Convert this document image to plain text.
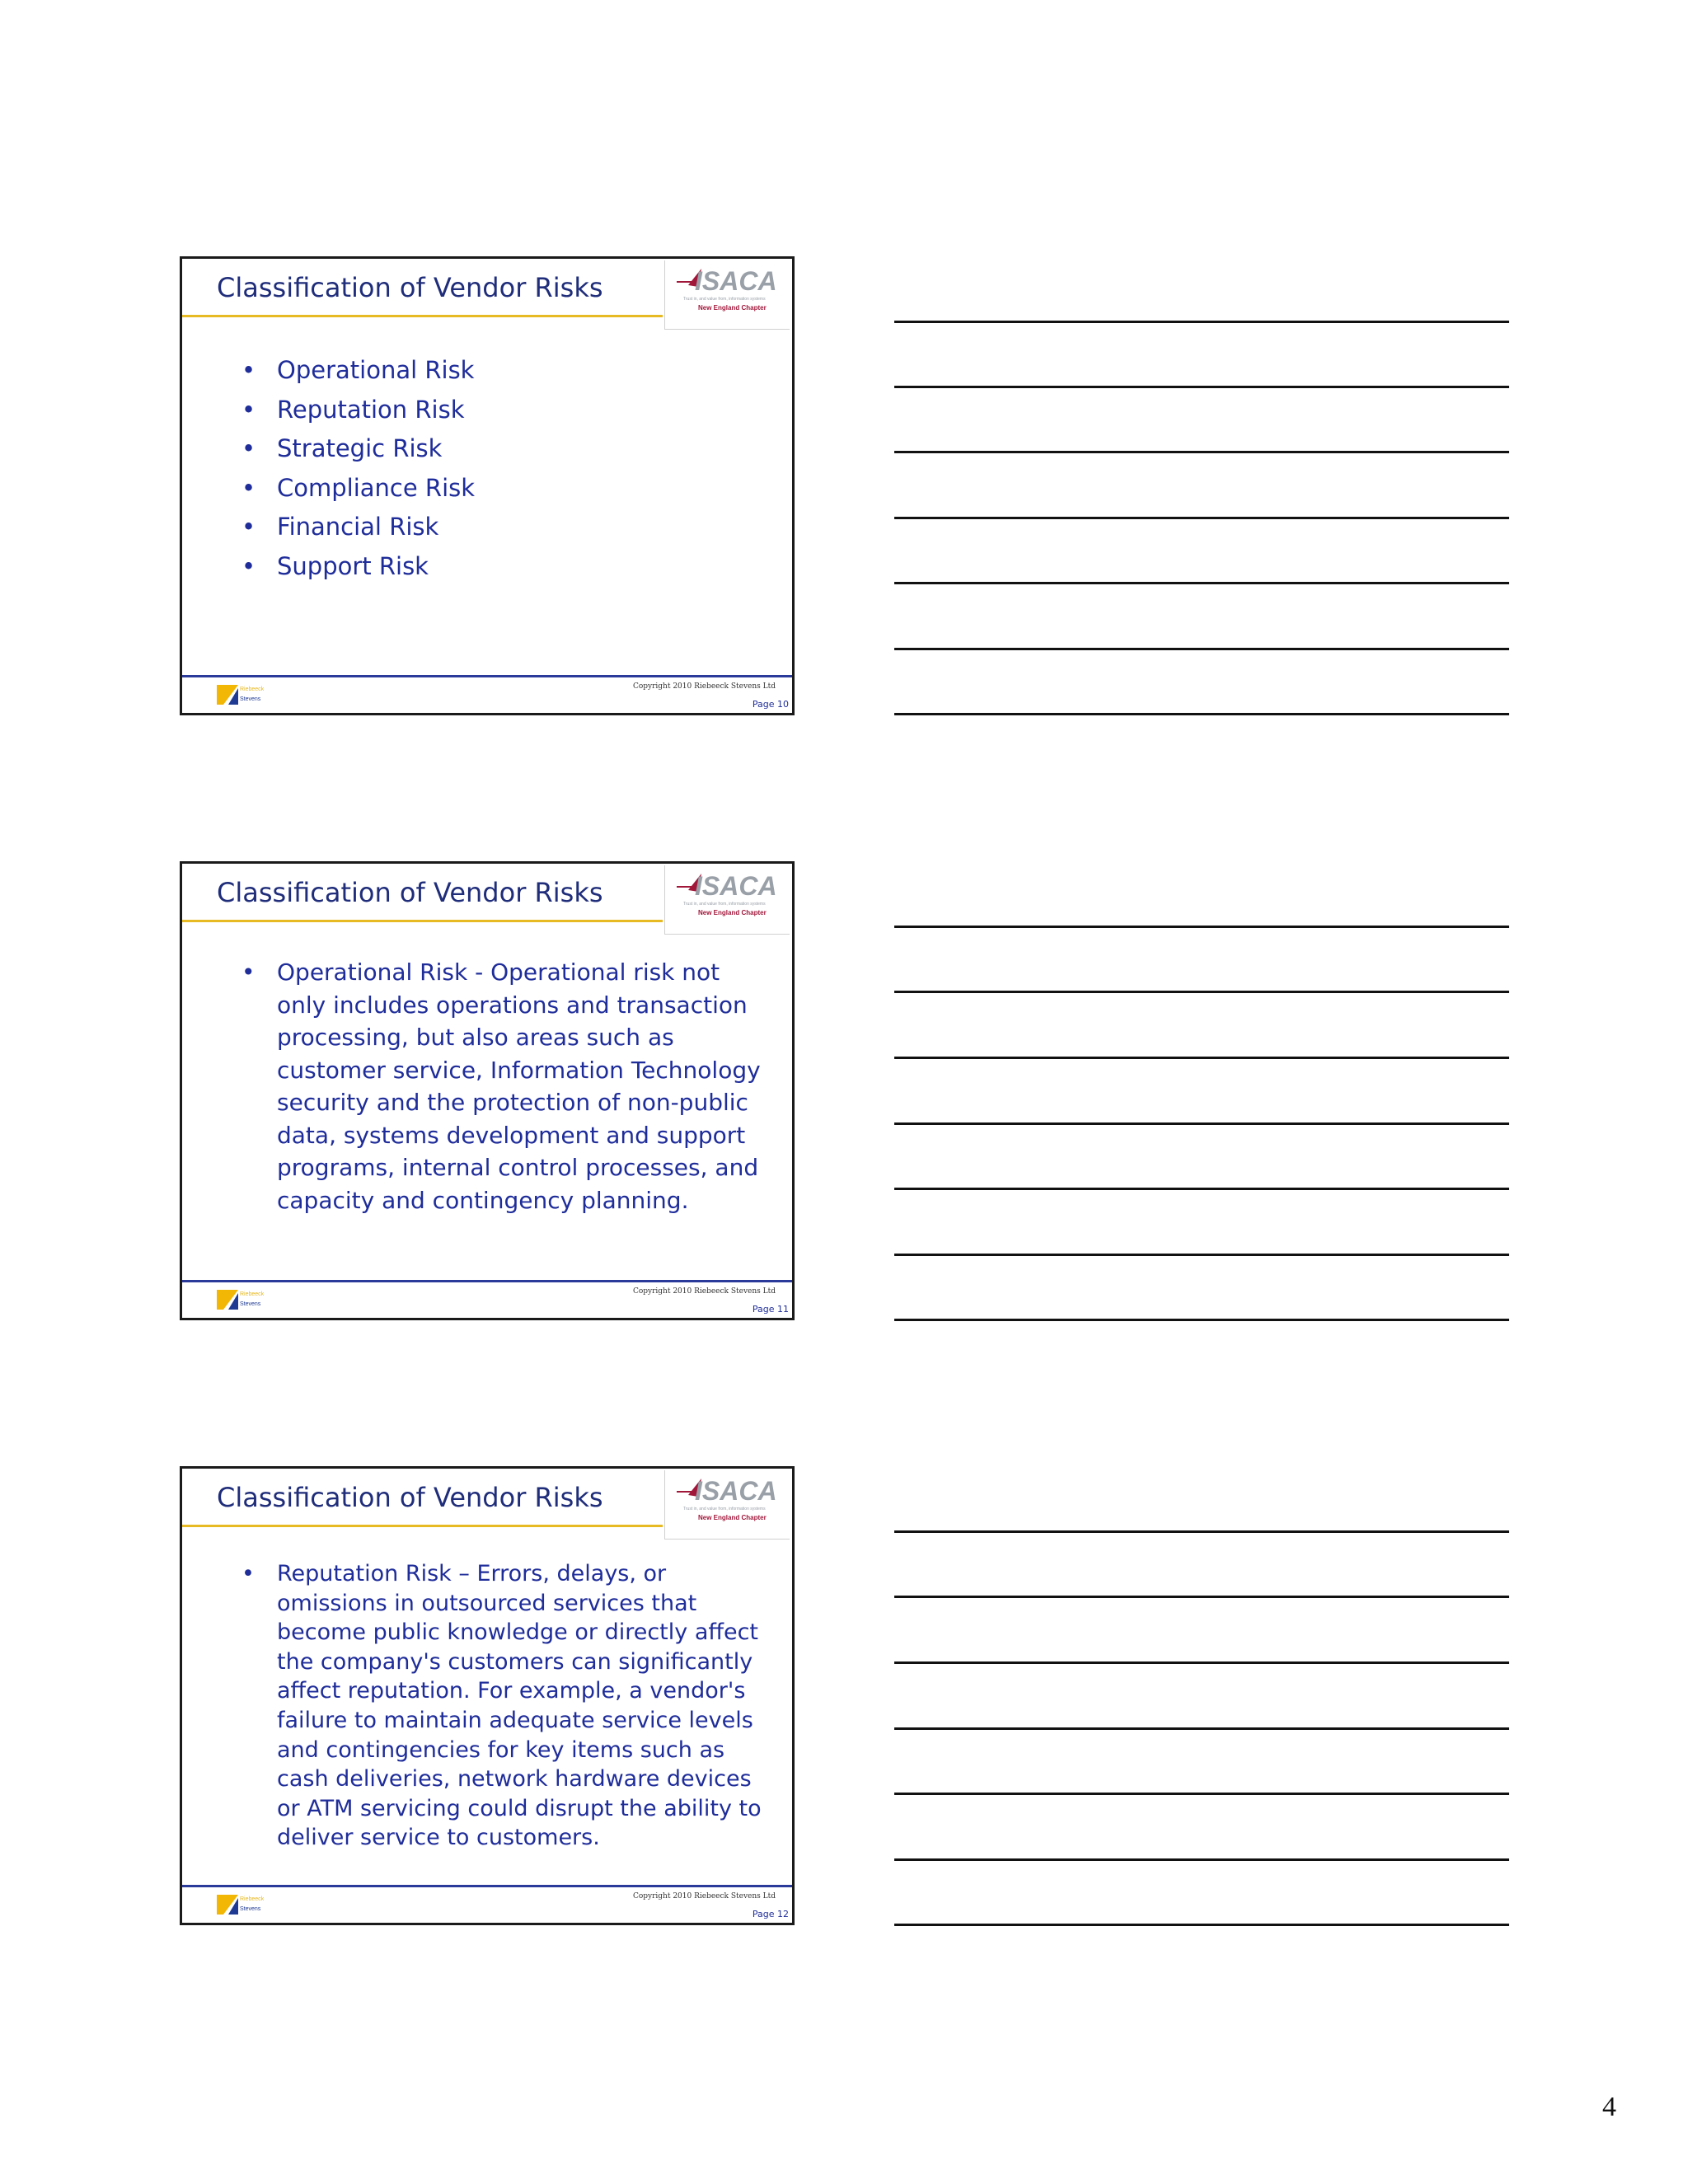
Classification of Vendor Risks	ISACA
Trust in, and value from, information systems
New England Chapter
• Operational Risk
• Reputation Risk
• Strategic Risk
• Compliance Risk
• Financial Risk
• Support Risk
Riebeeck
Stevens
Copyright 2010 Riebeeck Stevens Ltd
Page 10
Classification of Vendor Risks	ISACA
Trust in, and value from, information systems
New England Chapter
• Operational Risk - Operational risk not only includes operations and transaction processing, but also areas such as customer service, Information Technology security and the protection of non-public data, systems development and support programs, internal control processes, and capacity and contingency planning.
Riebeeck
Stevens
Copyright 2010 Riebeeck Stevens Ltd
Page 11
Classification of Vendor Risks	ISACA
Trust in, and value from, information systems
New England Chapter
• Reputation Risk – Errors, delays, or omissions in outsourced services that become public knowledge or directly affect the company's customers can significantly affect reputation. For example, a vendor's failure to maintain adequate service levels and contingencies for key items such as cash deliveries, network hardware devices or ATM servicing could disrupt the ability to deliver service to customers.
Riebeeck
Stevens
Copyright 2010 Riebeeck Stevens Ltd
Page 12
4
